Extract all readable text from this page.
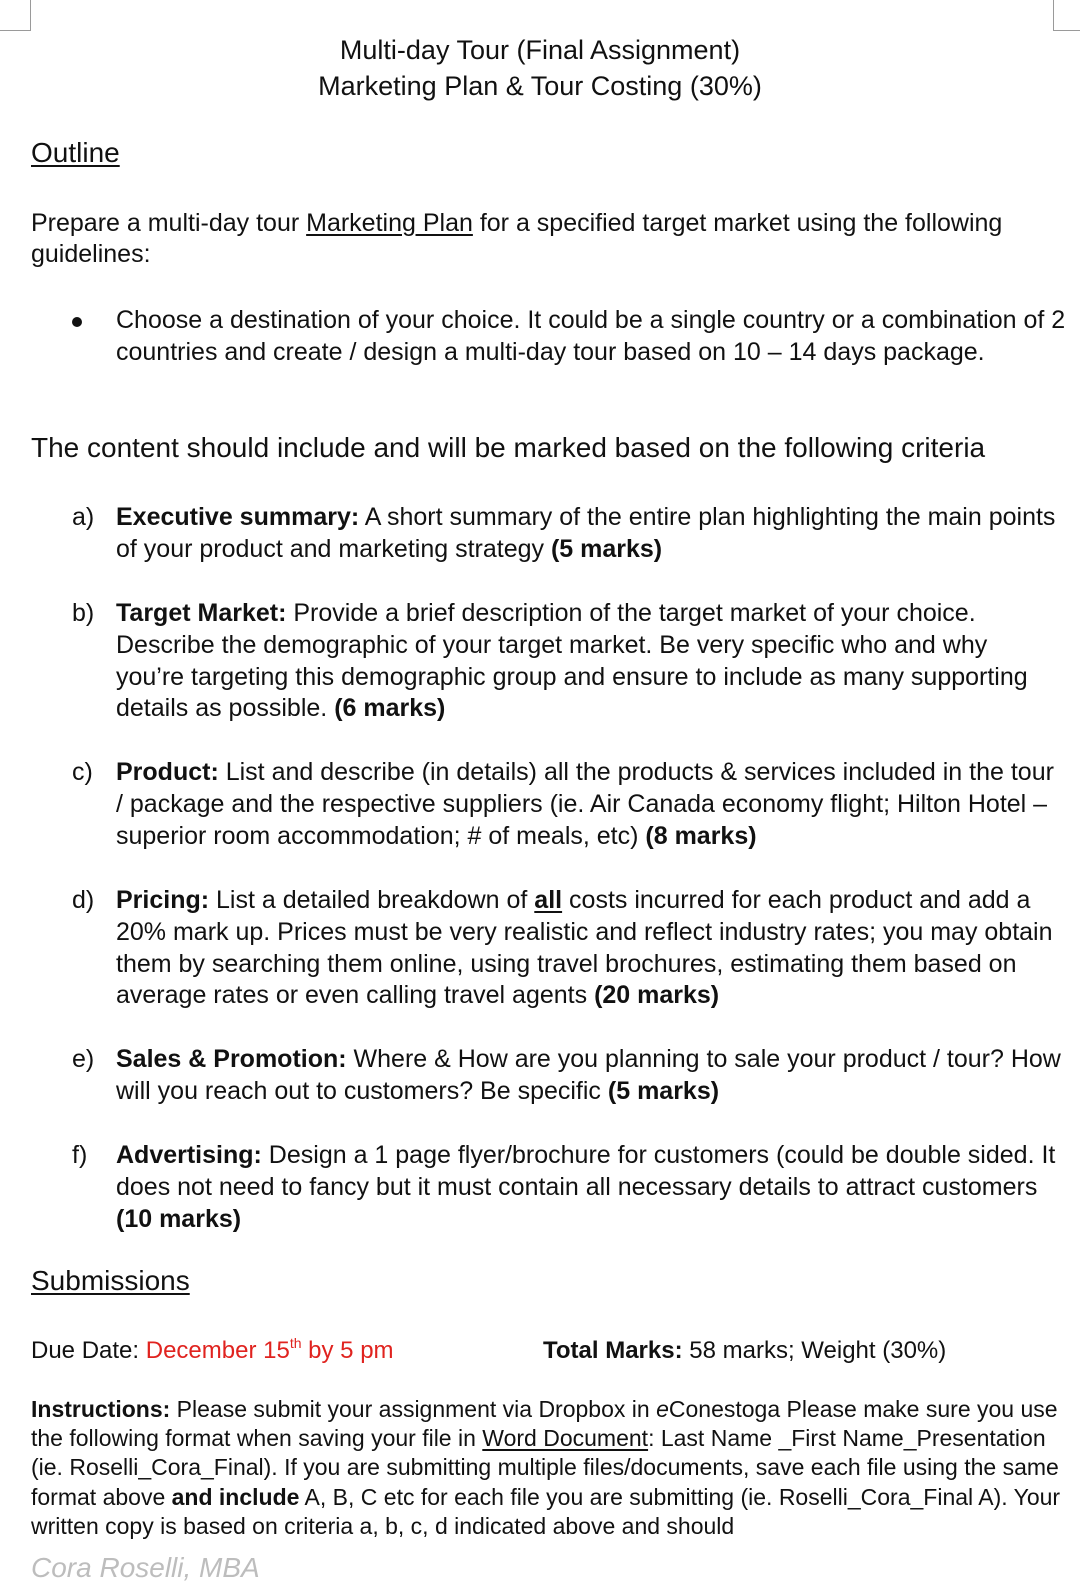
Multi-day Tour (Final Assignment)
Marketing Plan & Tour Costing (30%)
Outline

Prepare a multi-day tour Marketing Plan for a specified target market using the following guidelines:

Choose a destination of your choice. It could be a single country or a combination of 2 countries and create / design a multi-day tour based on 10 – 14 days package.

The content should include and will be marked based on the following criteria
a) Executive summary: A short summary of the entire plan highlighting the main points of your product and marketing strategy (5 marks)

b) Target Market: Provide a brief description of the target market of your choice. Describe the demographic of your target market. Be very specific who and why you’re targeting this demographic group and ensure to include as many supporting details as possible. (6 marks)

c) Product: List and describe (in details) all the products & services included in the tour / package and the respective suppliers (ie. Air Canada economy flight; Hilton Hotel – superior room accommodation; # of meals, etc) (8 marks)

d) Pricing: List a detailed breakdown of all costs incurred for each product and add a 20% mark up. Prices must be very realistic and reflect industry rates; you may obtain them by searching them online, using travel brochures, estimating them based on average rates or even calling travel agents (20 marks)

e) Sales & Promotion: Where & How are you planning to sale your product / tour? How will you reach out to customers? Be specific (5 marks)

f) Advertising: Design a 1 page flyer/brochure for customers (could be double sided. It does not need to fancy but it must contain all necessary details to attract customers (10 marks)

Submissions
Due Date: December 15th by 5 pm	Total Marks: 58 marks; Weight (30%)

Instructions: Please submit your assignment via Dropbox in eConestoga Please make sure you use the following format when saving your file in Word Document: Last Name _First Name_Presentation (ie. Roselli_Cora_Final). If you are submitting multiple files/documents, save each file using the same format above and include A, B, C etc for each file you are submitting (ie. Roselli_Cora_Final A). Your written copy is based on criteria a, b, c, d indicated above and should

Cora Roselli, MBA
